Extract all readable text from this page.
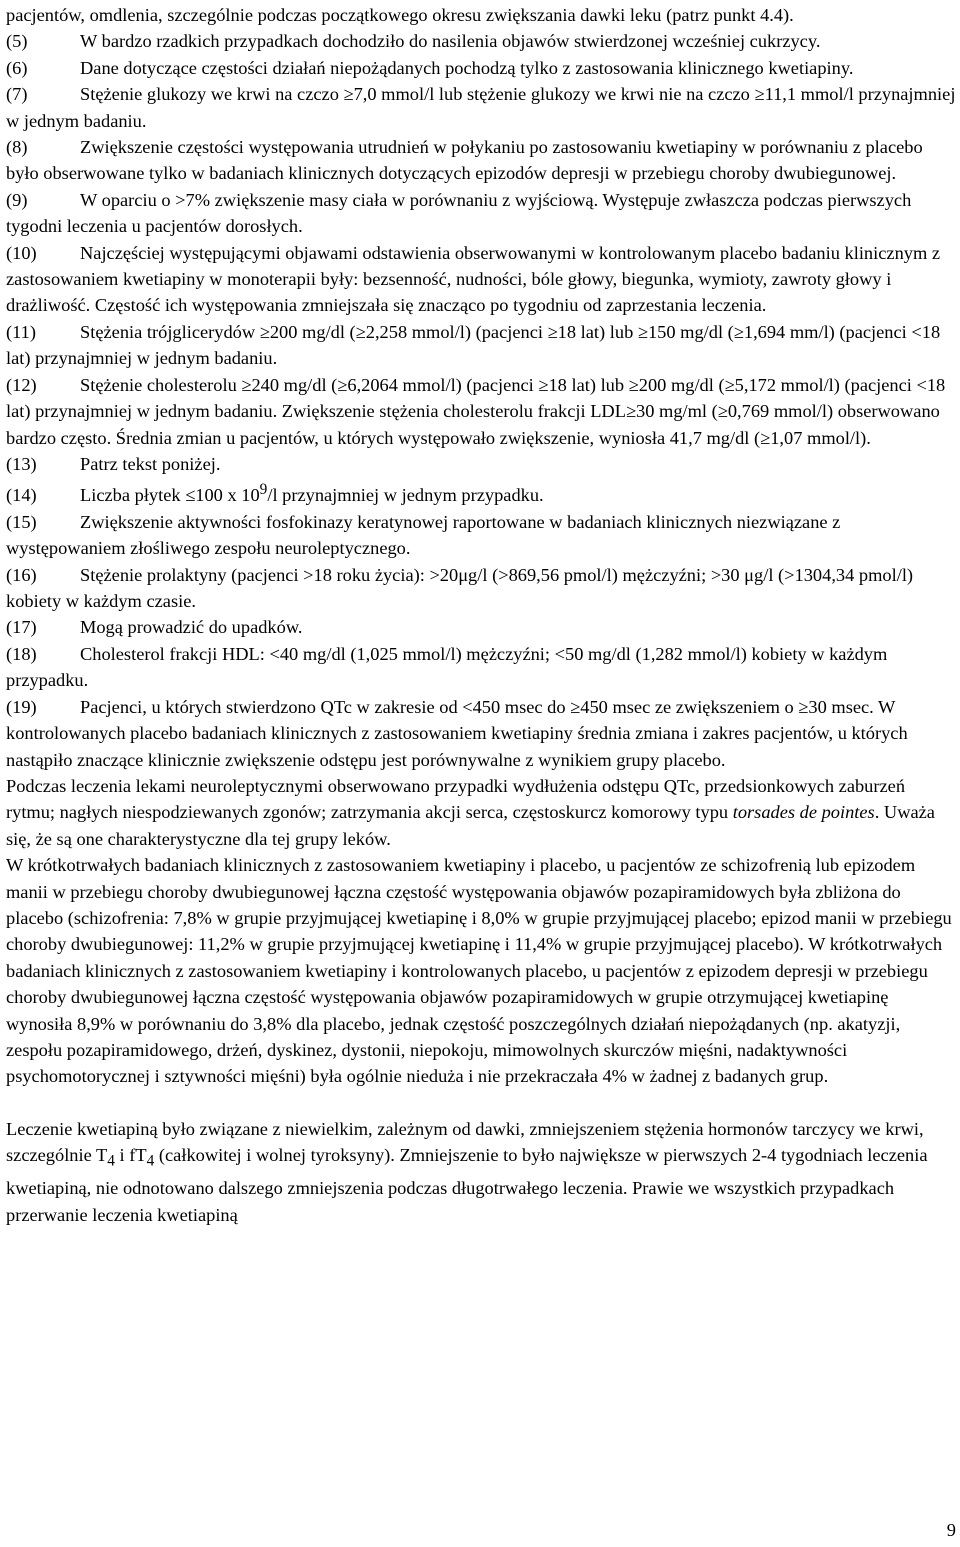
pacjentów, omdlenia, szczególnie podczas początkowego okresu zwiększania dawki leku (patrz punkt 4.4).

(5)	W bardzo rzadkich przypadkach dochodziło do nasilenia objawów stwierdzonej wcześniej cukrzycy.

(6)	Dane dotyczące częstości działań niepożądanych pochodzą tylko z zastosowania klinicznego kwetiapiny.

(7)	Stężenie glukozy we krwi na czczo ≥7,0 mmol/l lub stężenie glukozy we krwi nie na czczo ≥11,1 mmol/l przynajmniej w jednym badaniu.

(8)	Zwiększenie częstości występowania utrudnień w połykaniu po zastosowaniu kwetiapiny w porównaniu z placebo było obserwowane tylko w badaniach klinicznych dotyczących epizodów depresji w przebiegu choroby dwubiegunowej.

(9)	W oparciu o >7% zwiększenie masy ciała w porównaniu z wyjściową. Występuje zwłaszcza podczas pierwszych tygodni leczenia u pacjentów dorosłych.

(10) Najczęściej występującymi objawami odstawienia obserwowanymi w kontrolowanym placebo badaniu klinicznym z zastosowaniem kwetiapiny w monoterapii były: bezsenność, nudności, bóle głowy, biegunka, wymioty, zawroty głowy i drażliwość. Częstość ich występowania zmniejszała się znacząco po tygodniu od zaprzestania leczenia.

(11) Stężenia trójglicerydów ≥200 mg/dl (≥2,258 mmol/l) (pacjenci ≥18 lat) lub ≥150 mg/dl (≥1,694 mm/l) (pacjenci <18 lat) przynajmniej w jednym badaniu.

(12) Stężenie cholesterolu ≥240 mg/dl (≥6,2064 mmol/l) (pacjenci ≥18 lat) lub ≥200 mg/dl (≥5,172 mmol/l) (pacjenci <18 lat) przynajmniej w jednym badaniu. Zwiększenie stężenia cholesterolu frakcji LDL≥30 mg/ml (≥0,769 mmol/l) obserwowano bardzo często. Średnia zmian u pacjentów, u których występowało zwiększenie, wyniosła 41,7 mg/dl (≥1,07 mmol/l).

(13) Patrz tekst poniżej.

(14) Liczba płytek ≤100 x $10^9/l$ przynajmniej w jednym przypadku.

(15) Zwiększenie aktywności fosfokinazy keratynowej raportowane w badaniach klinicznych niezwiązane z występowaniem złośliwego zespołu neuroleptycznego.

(16) Stężenie prolaktyny (pacjenci >18 roku życia): >20μg/l (>869,56 pmol/l) mężczyźni; >30 μg/l (>1304,34 pmol/l) kobiety w każdym czasie.

(17) Mogą prowadzić do upadków.

(18) Cholesterol frakcji HDL: <40 mg/dl (1,025 mmol/l) mężczyźni; <50 mg/dl (1,282 mmol/l) kobiety w każdym przypadku.

(19) Pacjenci, u których stwierdzono QTc w zakresie od <450 msec do ≥450 msec ze zwiększeniem o ≥30 msec. W kontrolowanych placebo badaniach klinicznych z zastosowaniem kwetiapiny średnia zmiana i zakres pacjentów, u których nastąpiło znaczące klinicznie zwiększenie odstępu jest porównywalne z wynikiem grupy placebo.

Podczas leczenia lekami neuroleptycznymi obserwowano przypadki wydłużenia odstępu QTc, przedsionkowych zaburzeń rytmu; nagłych niespodziewanych zgonów; zatrzymania akcji serca, częstoskurcz komorowy typu torsades de pointes. Uważa się, że są one charakterystyczne dla tej grupy leków.

W krótkotrwałych badaniach klinicznych z zastosowaniem kwetiapiny i placebo, u pacjentów ze schizofrenią lub epizodem manii w przebiegu choroby dwubiegunowej łączna częstość występowania objawów pozapiramidowych była zbliżona do placebo (schizofrenia: 7,8% w grupie przyjmującej kwetiapinę i 8,0% w grupie przyjmującej placebo; epizod manii w przebiegu choroby dwubiegunowej: 11,2% w grupie przyjmującej kwetiapinę i 11,4% w grupie przyjmującej placebo). W krótkotrwałych badaniach klinicznych z zastosowaniem kwetiapiny i kontrolowanych placebo, u pacjentów z epizodem depresji w przebiegu choroby dwubiegunowej łączna częstość występowania objawów pozapiramidowych w grupie otrzymującej kwetiapinę wynosiła 8,9% w porównaniu do 3,8% dla placebo, jednak częstość poszczególnych działań niepożądanych (np. akatyzji, zespołu pozapiramidowego, drżeń, dyskinez, dystonii, niepokoju, mimowolnych skurczów mięśni, nadaktywności psychomotorycznej i sztywności mięśni) była ogólnie nieduża i nie przekraczała 4% w żadnej z badanych grup.

Leczenie kwetiapiną było związane z niewielkim, zależnym od dawki, zmniejszeniem stężenia hormonów tarczycy we krwi, szczególnie $T_4$ i $fT_4$ (całkowitej i wolnej tyroksyny). Zmniejszenie to było największe w pierwszych 2-4 tygodniach leczenia kwetiapiną, nie odnotowano dalszego zmniejszenia podczas długotrwałego leczenia. Prawie we wszystkich przypadkach przerwanie leczenia kwetiapiną

9
